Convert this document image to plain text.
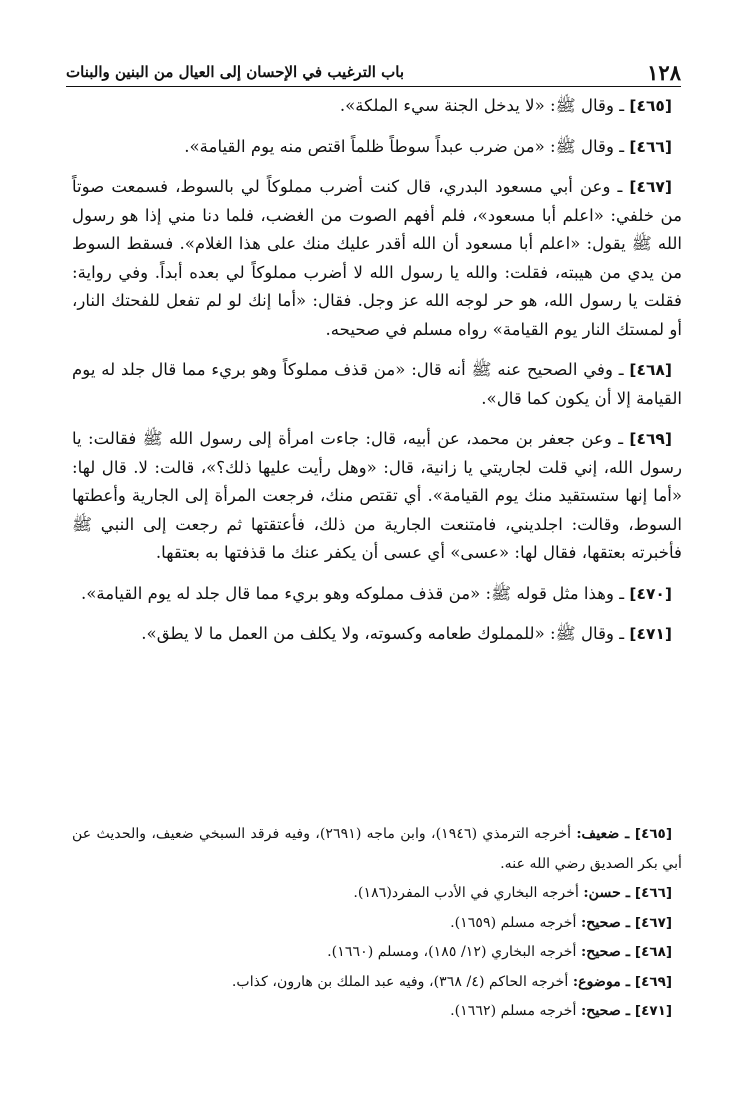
١٢٨
باب الترغيب في الإحسان إلى العيال من البنين والبنات

[٤٦٥] ـ وقال ﷺ: «لا يدخل الجنة سيء الملكة».

[٤٦٦] ـ وقال ﷺ: «من ضرب عبداً سوطاً ظلماً اقتص منه يوم القيامة».

[٤٦٧] ـ وعن أبي مسعود البدري، قال كنت أضرب مملوكاً لي بالسوط، فسمعت صوتاً من خلفي: «اعلم أبا مسعود»، فلم أفهم الصوت من الغضب، فلما دنا مني إذا هو رسول الله ﷺ يقول: «اعلم أبا مسعود أن الله أقدر عليك منك على هذا الغلام». فسقط السوط من يدي من هيبته، فقلت: والله يا رسول الله لا أضرب مملوكاً لي بعده أبداً. وفي رواية: فقلت يا رسول الله، هو حر لوجه الله عز وجل. فقال: «أما إنك لو لم تفعل للفحتك النار، أو لمستك النار يوم القيامة» رواه مسلم في صحيحه.

[٤٦٨] ـ وفي الصحيح عنه ﷺ أنه قال: «من قذف مملوكاً وهو بريء مما قال جلد له يوم القيامة إلا أن يكون كما قال».

[٤٦٩] ـ وعن جعفر بن محمد، عن أبيه، قال: جاءت امرأة إلى رسول الله ﷺ فقالت: يا رسول الله، إني قلت لجاريتي يا زانية، قال: «وهل رأيت عليها ذلك؟»، قالت: لا. قال لها: «أما إنها ستستقيد منك يوم القيامة». أي تقتص منك، فرجعت المرأة إلى الجارية وأعطتها السوط، وقالت: اجلديني، فامتنعت الجارية من ذلك، فأعتقتها ثم رجعت إلى النبي ﷺ فأخبرته بعتقها، فقال لها: «عسى» أي عسى أن يكفر عنك ما قذفتها به بعتقها.

[٤٧٠] ـ وهذا مثل قوله ﷺ: «من قذف مملوكه وهو بريء مما قال جلد له يوم القيامة».

[٤٧١] ـ وقال ﷺ: «للمملوك طعامه وكسوته، ولا يكلف من العمل ما لا يطق».

[٤٦٥] ـ ضعيف: أخرجه الترمذي (١٩٤٦)، وابن ماجه (٢٦٩١)، وفيه فرقد السبخي ضعيف، والحديث عن أبي بكر الصديق رضي الله عنه.

[٤٦٦] ـ حسن: أخرجه البخاري في الأدب المفرد(١٨٦).

[٤٦٧] ـ صحيح: أخرجه مسلم (١٦٥٩).

[٤٦٨] ـ صحيح: أخرجه البخاري (١٢/ ١٨٥)، ومسلم (١٦٦٠).

[٤٦٩] ـ موضوع: أخرجه الحاكم (٤/ ٣٦٨)، وفيه عبد الملك بن هارون، كذاب.

[٤٧١] ـ صحيح: أخرجه مسلم (١٦٦٢).
